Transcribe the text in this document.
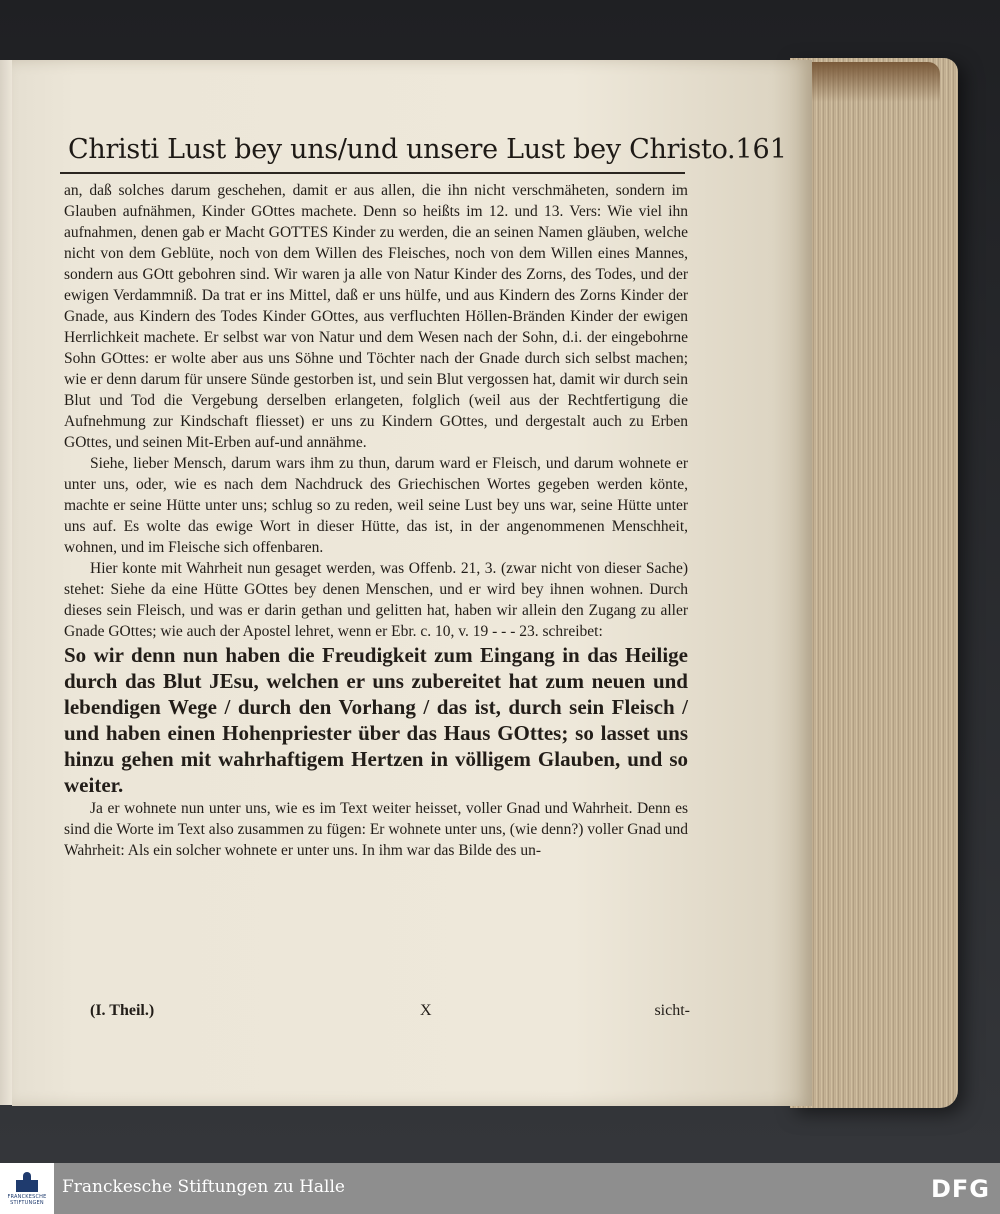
Christi Lust bey uns/und unsere Lust bey Christo. 161

an, daß solches darum geschehen, damit er aus allen, die ihn nicht verschmäheten, sondern im Glauben aufnähmen, Kinder GOttes machete. Denn so heißts im 12. und 13. Vers: Wie viel ihn aufnahmen, denen gab er Macht GOTTES Kinder zu werden, die an seinen Namen gläuben, welche nicht von dem Geblüte, noch von dem Willen des Fleisches, noch von dem Willen eines Mannes, sondern aus GOtt gebohren sind. Wir waren ja alle von Natur Kinder des Zorns, des Todes, und der ewigen Verdammniß. Da trat er ins Mittel, daß er uns hülfe, und aus Kindern des Zorns Kinder der Gnade, aus Kindern des Todes Kinder GOttes, aus verfluchten Höllen-Bränden Kinder der ewigen Herrlichkeit machete. Er selbst war von Natur und dem Wesen nach der Sohn, d.i. der eingebohrne Sohn GOttes: er wolte aber aus uns Söhne und Töchter nach der Gnade durch sich selbst machen; wie er denn darum für unsere Sünde gestorben ist, und sein Blut vergossen hat, damit wir durch sein Blut und Tod die Vergebung derselben erlangeten, folglich (weil aus der Rechtfertigung die Aufnehmung zur Kindschaft fliesset) er uns zu Kindern GOttes, und dergestalt auch zu Erben GOttes, und seinen Mit-Erben auf-und annähme.

Siehe, lieber Mensch, darum wars ihm zu thun, darum ward er Fleisch, und darum wohnete er unter uns, oder, wie es nach dem Nachdruck des Griechischen Wortes gegeben werden könte, machte er seine Hütte unter uns; schlug so zu reden, weil seine Lust bey uns war, seine Hütte unter uns auf. Es wolte das ewige Wort in dieser Hütte, das ist, in der angenommenen Menschheit, wohnen, und im Fleische sich offenbaren.

Hier konte mit Wahrheit nun gesaget werden, was Offenb. 21, 3. (zwar nicht von dieser Sache) stehet: Siehe da eine Hütte GOttes bey denen Menschen, und er wird bey ihnen wohnen. Durch dieses sein Fleisch, und was er darin gethan und gelitten hat, haben wir allein den Zugang zu aller Gnade GOttes; wie auch der Apostel lehret, wenn er Ebr. c. 10, v. 19 - - - 23. schreibet:

So wir denn nun haben die Freudigkeit zum Eingang in das Heilige durch das Blut JEsu, welchen er uns zubereitet hat zum neuen und lebendigen Wege / durch den Vorhang / das ist, durch sein Fleisch / und haben einen Hohenpriester über das Haus GOttes; so lasset uns hinzu gehen mit wahrhaftigem Hertzen in völligem Glauben, und so weiter.

Ja er wohnete nun unter uns, wie es im Text weiter heisset, voller Gnad und Wahrheit. Denn es sind die Worte im Text also zusammen zu fügen: Er wohnete unter uns, (wie denn?) voller Gnad und Wahrheit: Als ein solcher wohnete er unter uns. In ihm war das Bilde des un-

(I. Theil.)	X	sicht-
FRANCKESCHE STIFTUNGEN
Franckesche Stiftungen zu Halle	DFG
